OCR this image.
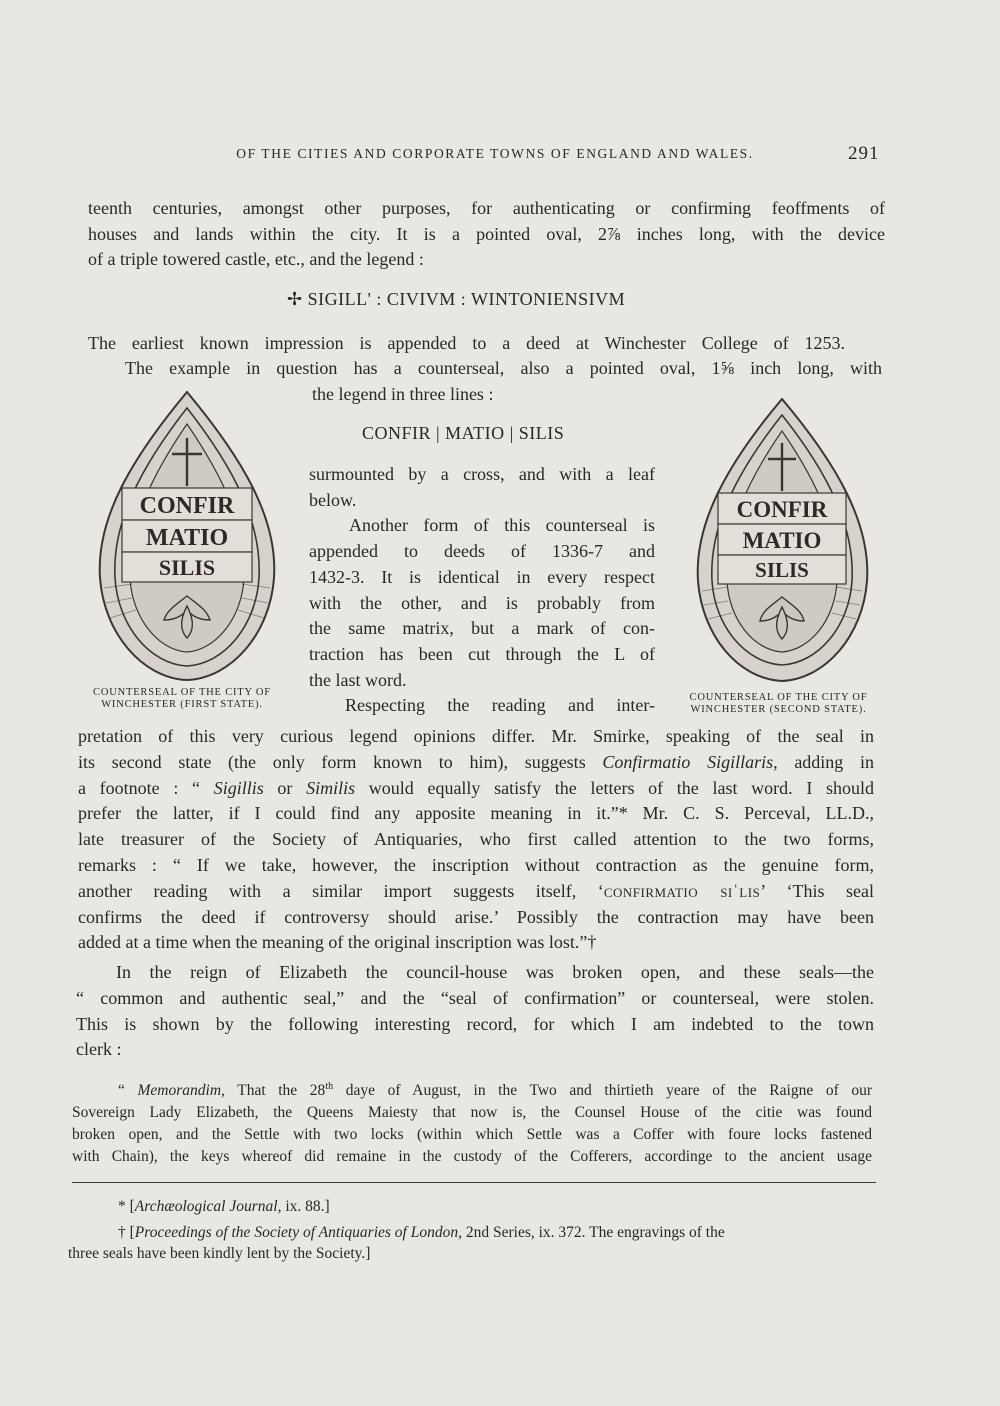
OF THE CITIES AND CORPORATE TOWNS OF ENGLAND AND WALES.	291
teenth centuries, amongst other purposes, for authenticating or confirming feoffments of
houses and lands within the city. It is a pointed oval, 2⅞ inches long, with the device
of a triple towered castle, etc., and the legend :
✢ SIGILL' : CIVIVM : WINTONIENSIVM
The earliest known impression is appended to a deed at Winchester College of 1253.
The example in question has a counterseal, also a pointed oval, 1⅝ inch long, with
the legend in three lines :
CONFIR | MATIO | SILIS
surmounted by a cross, and with a leaf
below.
Another form of this counterseal is
appended to deeds of 1336-7 and
1432-3. It is identical in every respect
with the other, and is probably from
the same matrix, but a mark of con-
traction has been cut through the L of
the last word.
Respecting the reading and inter-
CONFIR
MATIO
SILIS
COUNTERSEAL OF THE CITY OF
WINCHESTER (FIRST STATE).
CONFIR
MATIO
SILIS
COUNTERSEAL OF THE CITY OF
WINCHESTER (SECOND STATE).
pretation of this very curious legend opinions differ. Mr. Smirke, speaking of the seal in
its second state (the only form known to him), suggests Confirmatio Sigillaris, adding in
a footnote : “ Sigillis or Similis would equally satisfy the letters of the last word. I should
prefer the latter, if I could find any apposite meaning in it.”* Mr. C. S. Perceval, LL.D.,
late treasurer of the Society of Antiquaries, who first called attention to the two forms,
remarks : “ If we take, however, the inscription without contraction as the genuine form,
another reading with a similar import suggests itself, ‘confirmatio siˈlis’ ‘This seal
confirms the deed if controversy should arise.’ Possibly the contraction may have been
added at a time when the meaning of the original inscription was lost.”†
In the reign of Elizabeth the council-house was broken open, and these seals—the
“ common and authentic seal,” and the “seal of confirmation” or counterseal, were stolen.
This is shown by the following interesting record, for which I am indebted to the town
clerk :
“ Memorandim, That the 28th daye of August, in the Two and thirtieth yeare of the Raigne of our
Sovereign Lady Elizabeth, the Queens Maiesty that now is, the Counsel House of the citie was found
broken open, and the Settle with two locks (within which Settle was a Coffer with foure locks fastened
with Chain), the keys whereof did remaine in the custody of the Cofferers, accordinge to the ancient usage
* [Archæological Journal, ix. 88.]
† [Proceedings of the Society of Antiquaries of London, 2nd Series, ix. 372. The engravings of the
three seals have been kindly lent by the Society.]
